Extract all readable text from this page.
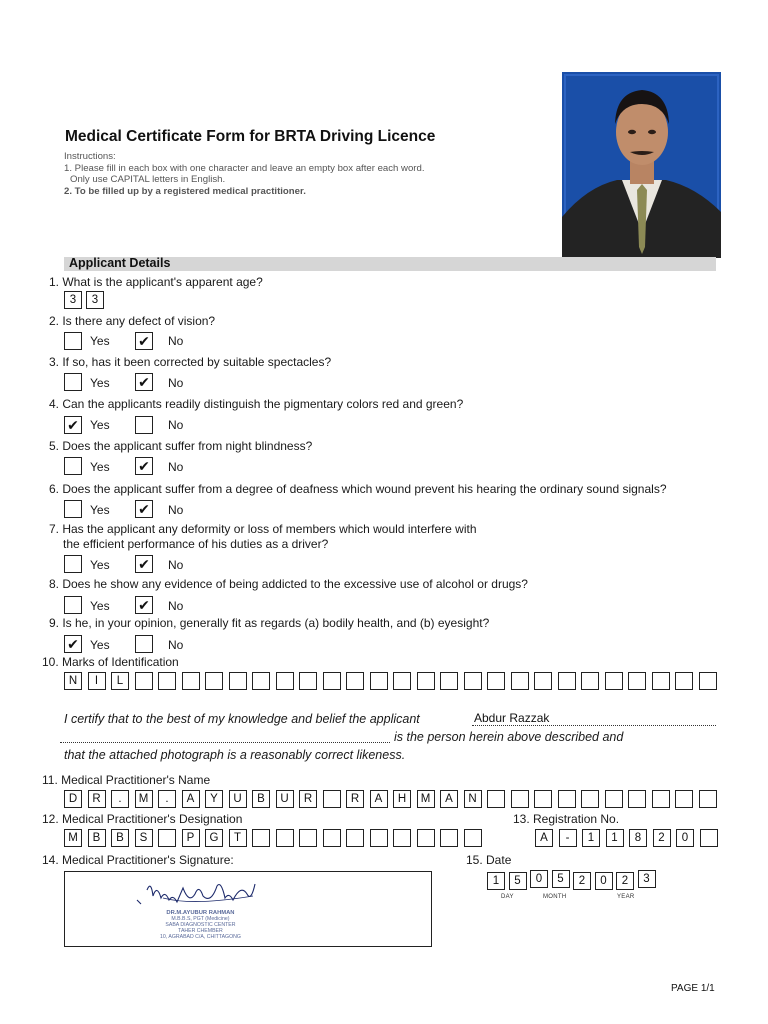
Medical Certificate Form for BRTA Driving Licence
Instructions:
1. Please fill in each box with one character and leave an empty box after each word.
Only use CAPITAL letters in English.
2. To be filled up by a registered medical practitioner.
Applicant Details
1. What is the applicant's apparent age?
3	3
2. Is there any defect of vision?
Yes ✔ No
3. If so, has it been corrected by suitable spectacles?
Yes ✔ No
4. Can the applicants readily distinguish the pigmentary colors red and green?
✔ Yes	No
5. Does the applicant suffer from night blindness?
Yes ✔ No
6. Does the applicant suffer from a degree of deafness which wound prevent his hearing the ordinary sound signals?
Yes ✔ No
7. Has the applicant any deformity or loss of members which would interfere with
the efficient performance of his duties as a driver?
Yes ✔ No
8. Does he show any evidence of being addicted to the excessive use of alcohol or drugs?
Yes ✔ No
9. Is he, in your opinion, generally fit as regards (a) bodily health, and (b) eyesight?
✔ Yes	No
10. Marks of Identification
N	I	L
I certify that to the best of my knowledge and belief the applicant	Abdur Razzak
is the person herein above described and
that the attached photograph is a reasonably correct likeness.
11. Medical Practitioner's Name
D	R	.	M	.	A	Y	U	B	U	R	R	A	H	M	A	N
12. Medical Practitioner's Designation
M	B	B	S	P	G	T
13. Registration No.
A	-	1	1	8	2	0
14. Medical Practitioner's Signature:	15. Date
DR.M.AYUBUR RAHMAN
M.B.B.S, PGT (Medicine)
SABA DIAGNOSTIC CENTER
TAHER CHEMBER
10, AGRABAD C/A, CHITTAGONG
1	5	0	5	2	0	2	3
DAY	MONTH	YEAR
PAGE 1/1
